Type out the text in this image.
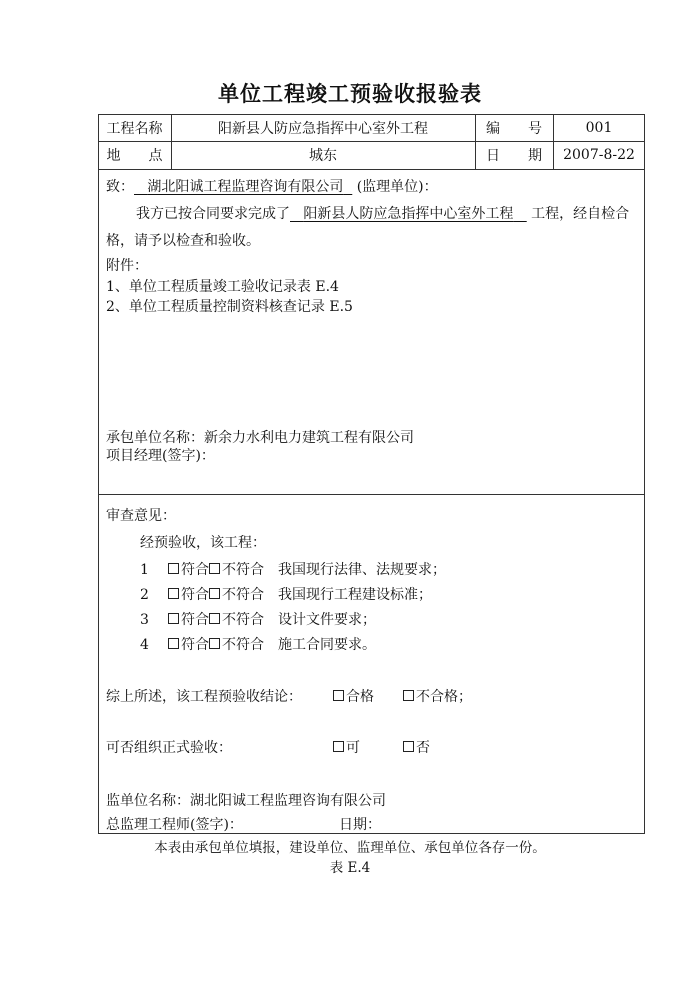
单位工程竣工预验收报验表
工程名称	阳新县人防应急指挥中心室外工程	编　　号	001
地　　点	城东	日　　期	2007-8-22
致： 湖北阳诚工程监理咨询有限公司 (监理单位)：
我方已按合同要求完成了 阳新县人防应急指挥中心室外工程 工程，经自检合
格，请予以检查和验收。
附件：
1、单位工程质量竣工验收记录表 E.4
2、单位工程质量控制资料核查记录 E.5
承包单位名称：新余力水利电力建筑工程有限公司
项目经理(签字)：
审查意见：
经预验收，该工程：
1 符合 不符合 我国现行法律、法规要求；
2 符合 不符合 我国现行工程建设标准；
3 符合 不符合 设计文件要求；
4 符合 不符合 施工合同要求。
综上所述，该工程预验收结论：	合格	不合格；
可否组织正式验收：	可	否
监单位名称：湖北阳诚工程监理咨询有限公司
总监理工程师(签字)：	日期：
本表由承包单位填报，建设单位、监理单位、承包单位各存一份。
表 E.4
